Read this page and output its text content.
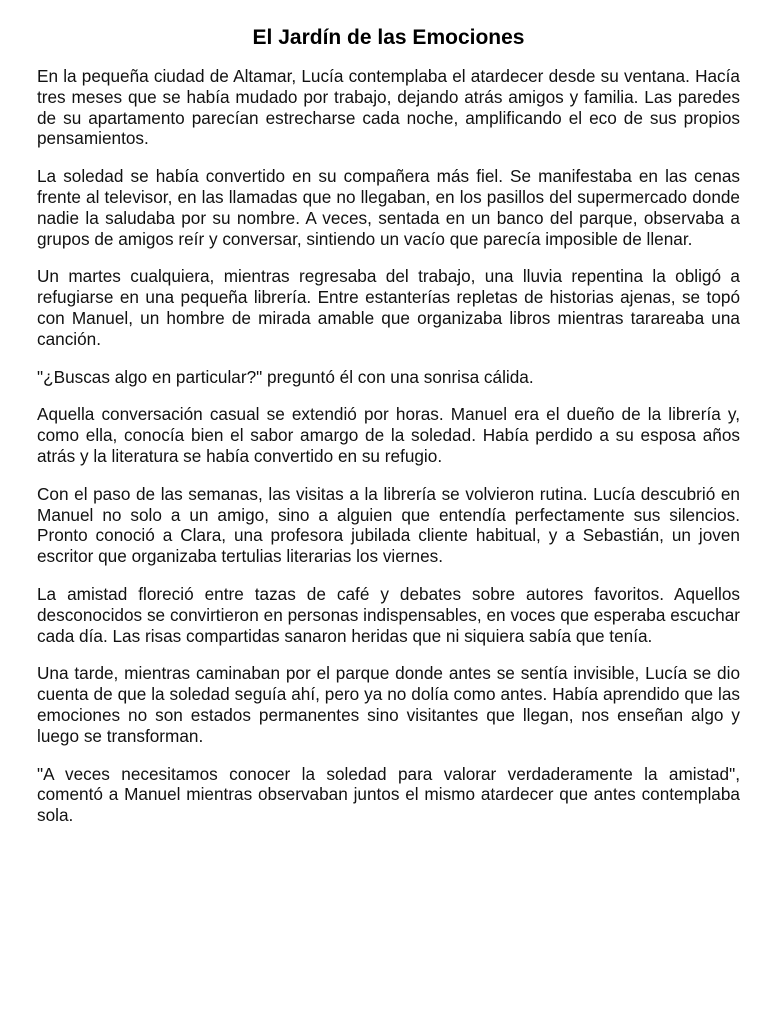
El Jardín de las Emociones

En la pequeña ciudad de Altamar, Lucía contemplaba el atardecer desde su ventana. Hacía tres meses que se había mudado por trabajo, dejando atrás amigos y familia. Las paredes de su apartamento parecían estrecharse cada noche, amplificando el eco de sus propios pensamientos.

La soledad se había convertido en su compañera más fiel. Se manifestaba en las cenas frente al televisor, en las llamadas que no llegaban, en los pasillos del supermercado donde nadie la saludaba por su nombre. A veces, sentada en un banco del parque, observaba a grupos de amigos reír y conversar, sintiendo un vacío que parecía imposible de llenar.

Un martes cualquiera, mientras regresaba del trabajo, una lluvia repentina la obligó a refugiarse en una pequeña librería. Entre estanterías repletas de historias ajenas, se topó con Manuel, un hombre de mirada amable que organizaba libros mientras tarareaba una canción.

"¿Buscas algo en particular?" preguntó él con una sonrisa cálida.

Aquella conversación casual se extendió por horas. Manuel era el dueño de la librería y, como ella, conocía bien el sabor amargo de la soledad. Había perdido a su esposa años atrás y la literatura se había convertido en su refugio.

Con el paso de las semanas, las visitas a la librería se volvieron rutina. Lucía descubrió en Manuel no solo a un amigo, sino a alguien que entendía perfectamente sus silencios. Pronto conoció a Clara, una profesora jubilada cliente habitual, y a Sebastián, un joven escritor que organizaba tertulias literarias los viernes.

La amistad floreció entre tazas de café y debates sobre autores favoritos. Aquellos desconocidos se convirtieron en personas indispensables, en voces que esperaba escuchar cada día. Las risas compartidas sanaron heridas que ni siquiera sabía que tenía.

Una tarde, mientras caminaban por el parque donde antes se sentía invisible, Lucía se dio cuenta de que la soledad seguía ahí, pero ya no dolía como antes. Había aprendido que las emociones no son estados permanentes sino visitantes que llegan, nos enseñan algo y luego se transforman.

"A veces necesitamos conocer la soledad para valorar verdaderamente la amistad", comentó a Manuel mientras observaban juntos el mismo atardecer que antes contemplaba sola.
